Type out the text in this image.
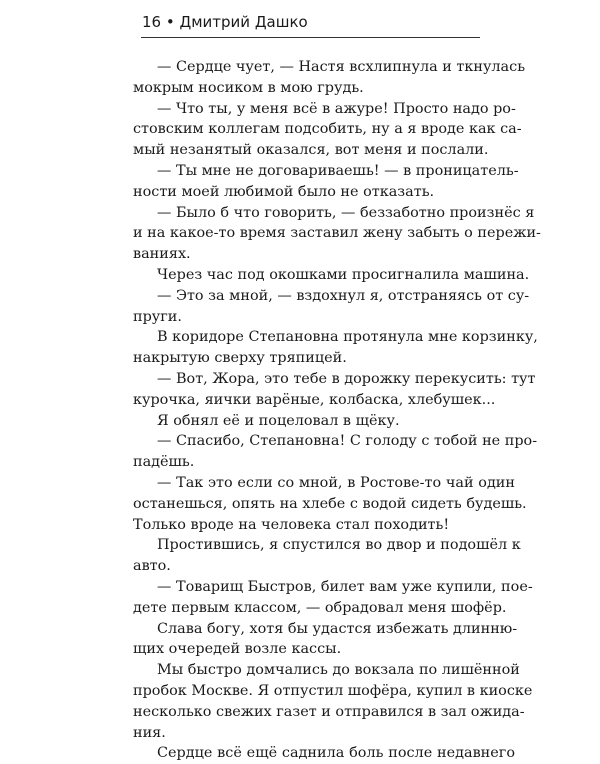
16 • Дмитрий Дашко
— Сердце чует, — Настя всхлипнула и ткнулась
мокрым носиком в мою грудь.
— Что ты, у меня всё в ажуре! Просто надо ро-
стовским коллегам подсобить, ну а я вроде как са-
мый незанятый оказался, вот меня и послали.
— Ты мне не договариваешь! — в проницатель-
ности моей любимой было не отказать.
— Было б что говорить, — беззаботно произнёс я
и на какое-то время заставил жену забыть о пережи-
ваниях.
Через час под окошками просигналила машина.
— Это за мной, — вздохнул я, отстраняясь от су-
пруги.
В коридоре Степановна протянула мне корзинку,
накрытую сверху тряпицей.
— Вот, Жора, это тебе в дорожку перекусить: тут
курочка, яички варёные, колбаска, хлебушек...
Я обнял её и поцеловал в щёку.
— Спасибо, Степановна! С голоду с тобой не про-
падёшь.
— Так это если со мной, в Ростове-то чай один
останешься, опять на хлебе с водой сидеть будешь.
Только вроде на человека стал походить!
Простившись, я спустился во двор и подошёл к
авто.
— Товарищ Быстров, билет вам уже купили, пое-
дете первым классом, — обрадовал меня шофёр.
Слава богу, хотя бы удастся избежать длинню-
щих очередей возле кассы.
Мы быстро домчались до вокзала по лишённой
пробок Москве. Я отпустил шофёра, купил в киоске
несколько свежих газет и отправился в зал ожида-
ния.
Сердце всё ещё саднила боль после недавнего
